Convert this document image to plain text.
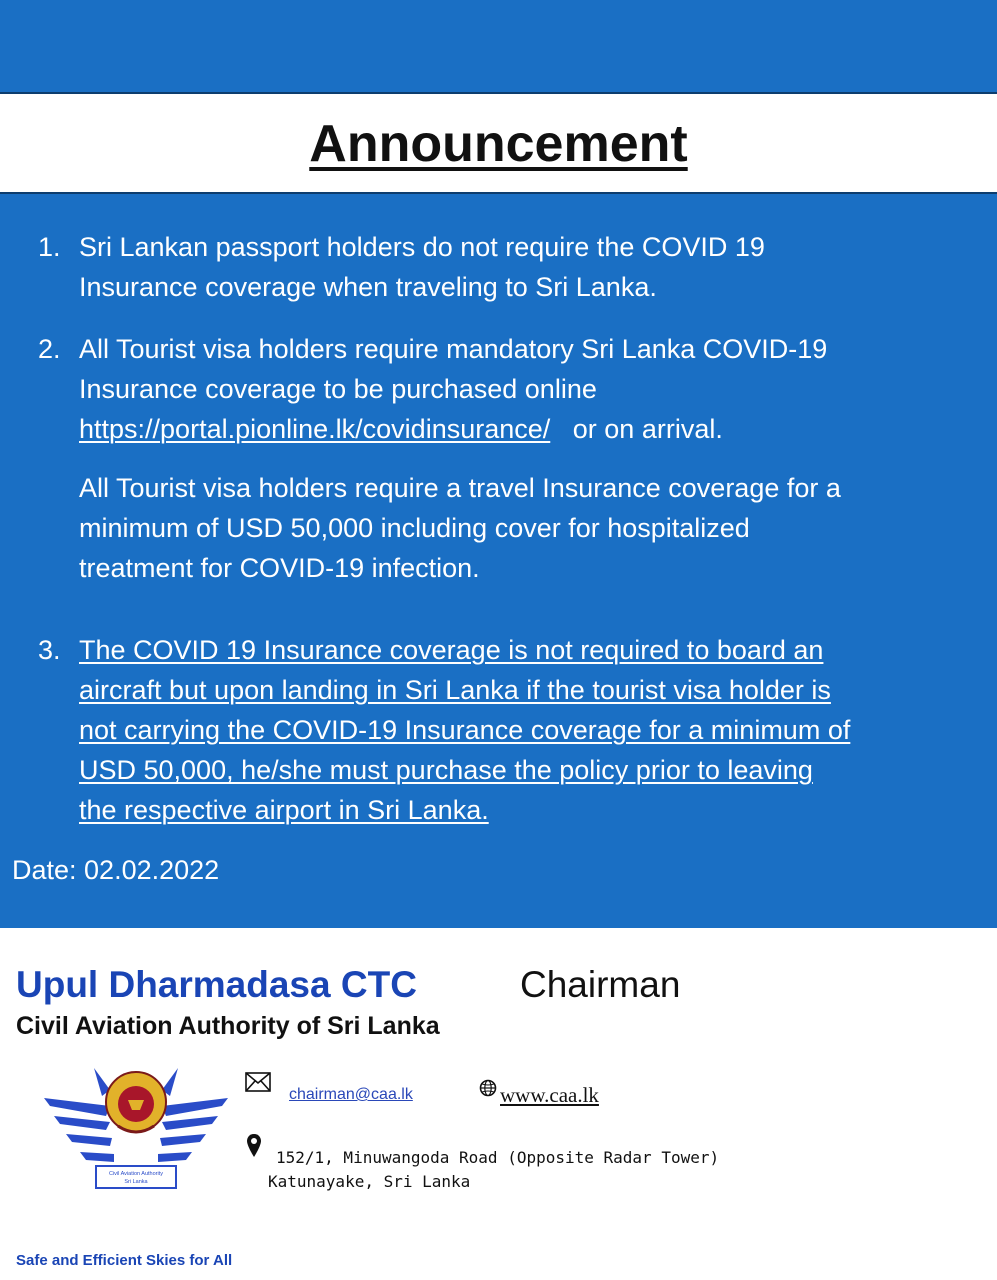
Announcement
1. Sri Lankan passport holders do not require the COVID 19
Insurance coverage when traveling to Sri Lanka.
2. All Tourist visa holders require mandatory Sri Lanka COVID-19
Insurance coverage to be purchased online
https://portal.pionline.lk/covidinsurance/ or on arrival.
All Tourist visa holders require a travel Insurance coverage for a
minimum of USD 50,000 including cover for hospitalized
treatment for COVID-19 infection.
3. The COVID 19 Insurance coverage is not required to board an
aircraft but upon landing in Sri Lanka if the tourist visa holder is
not carrying the COVID-19 Insurance coverage for a minimum of
USD 50,000, he/she must purchase the policy prior to leaving
the respective airport in Sri Lanka.
Date: 02.02.2022
Upul Dharmadasa CTC	Chairman
Civil Aviation Authority of Sri Lanka
Civil Aviation Authority
Sri Lanka
chairman@caa.lk	www.caa.lk
152/1, Minuwangoda Road (Opposite Radar Tower)
Katunayake, Sri Lanka
Safe and Efficient Skies for All
